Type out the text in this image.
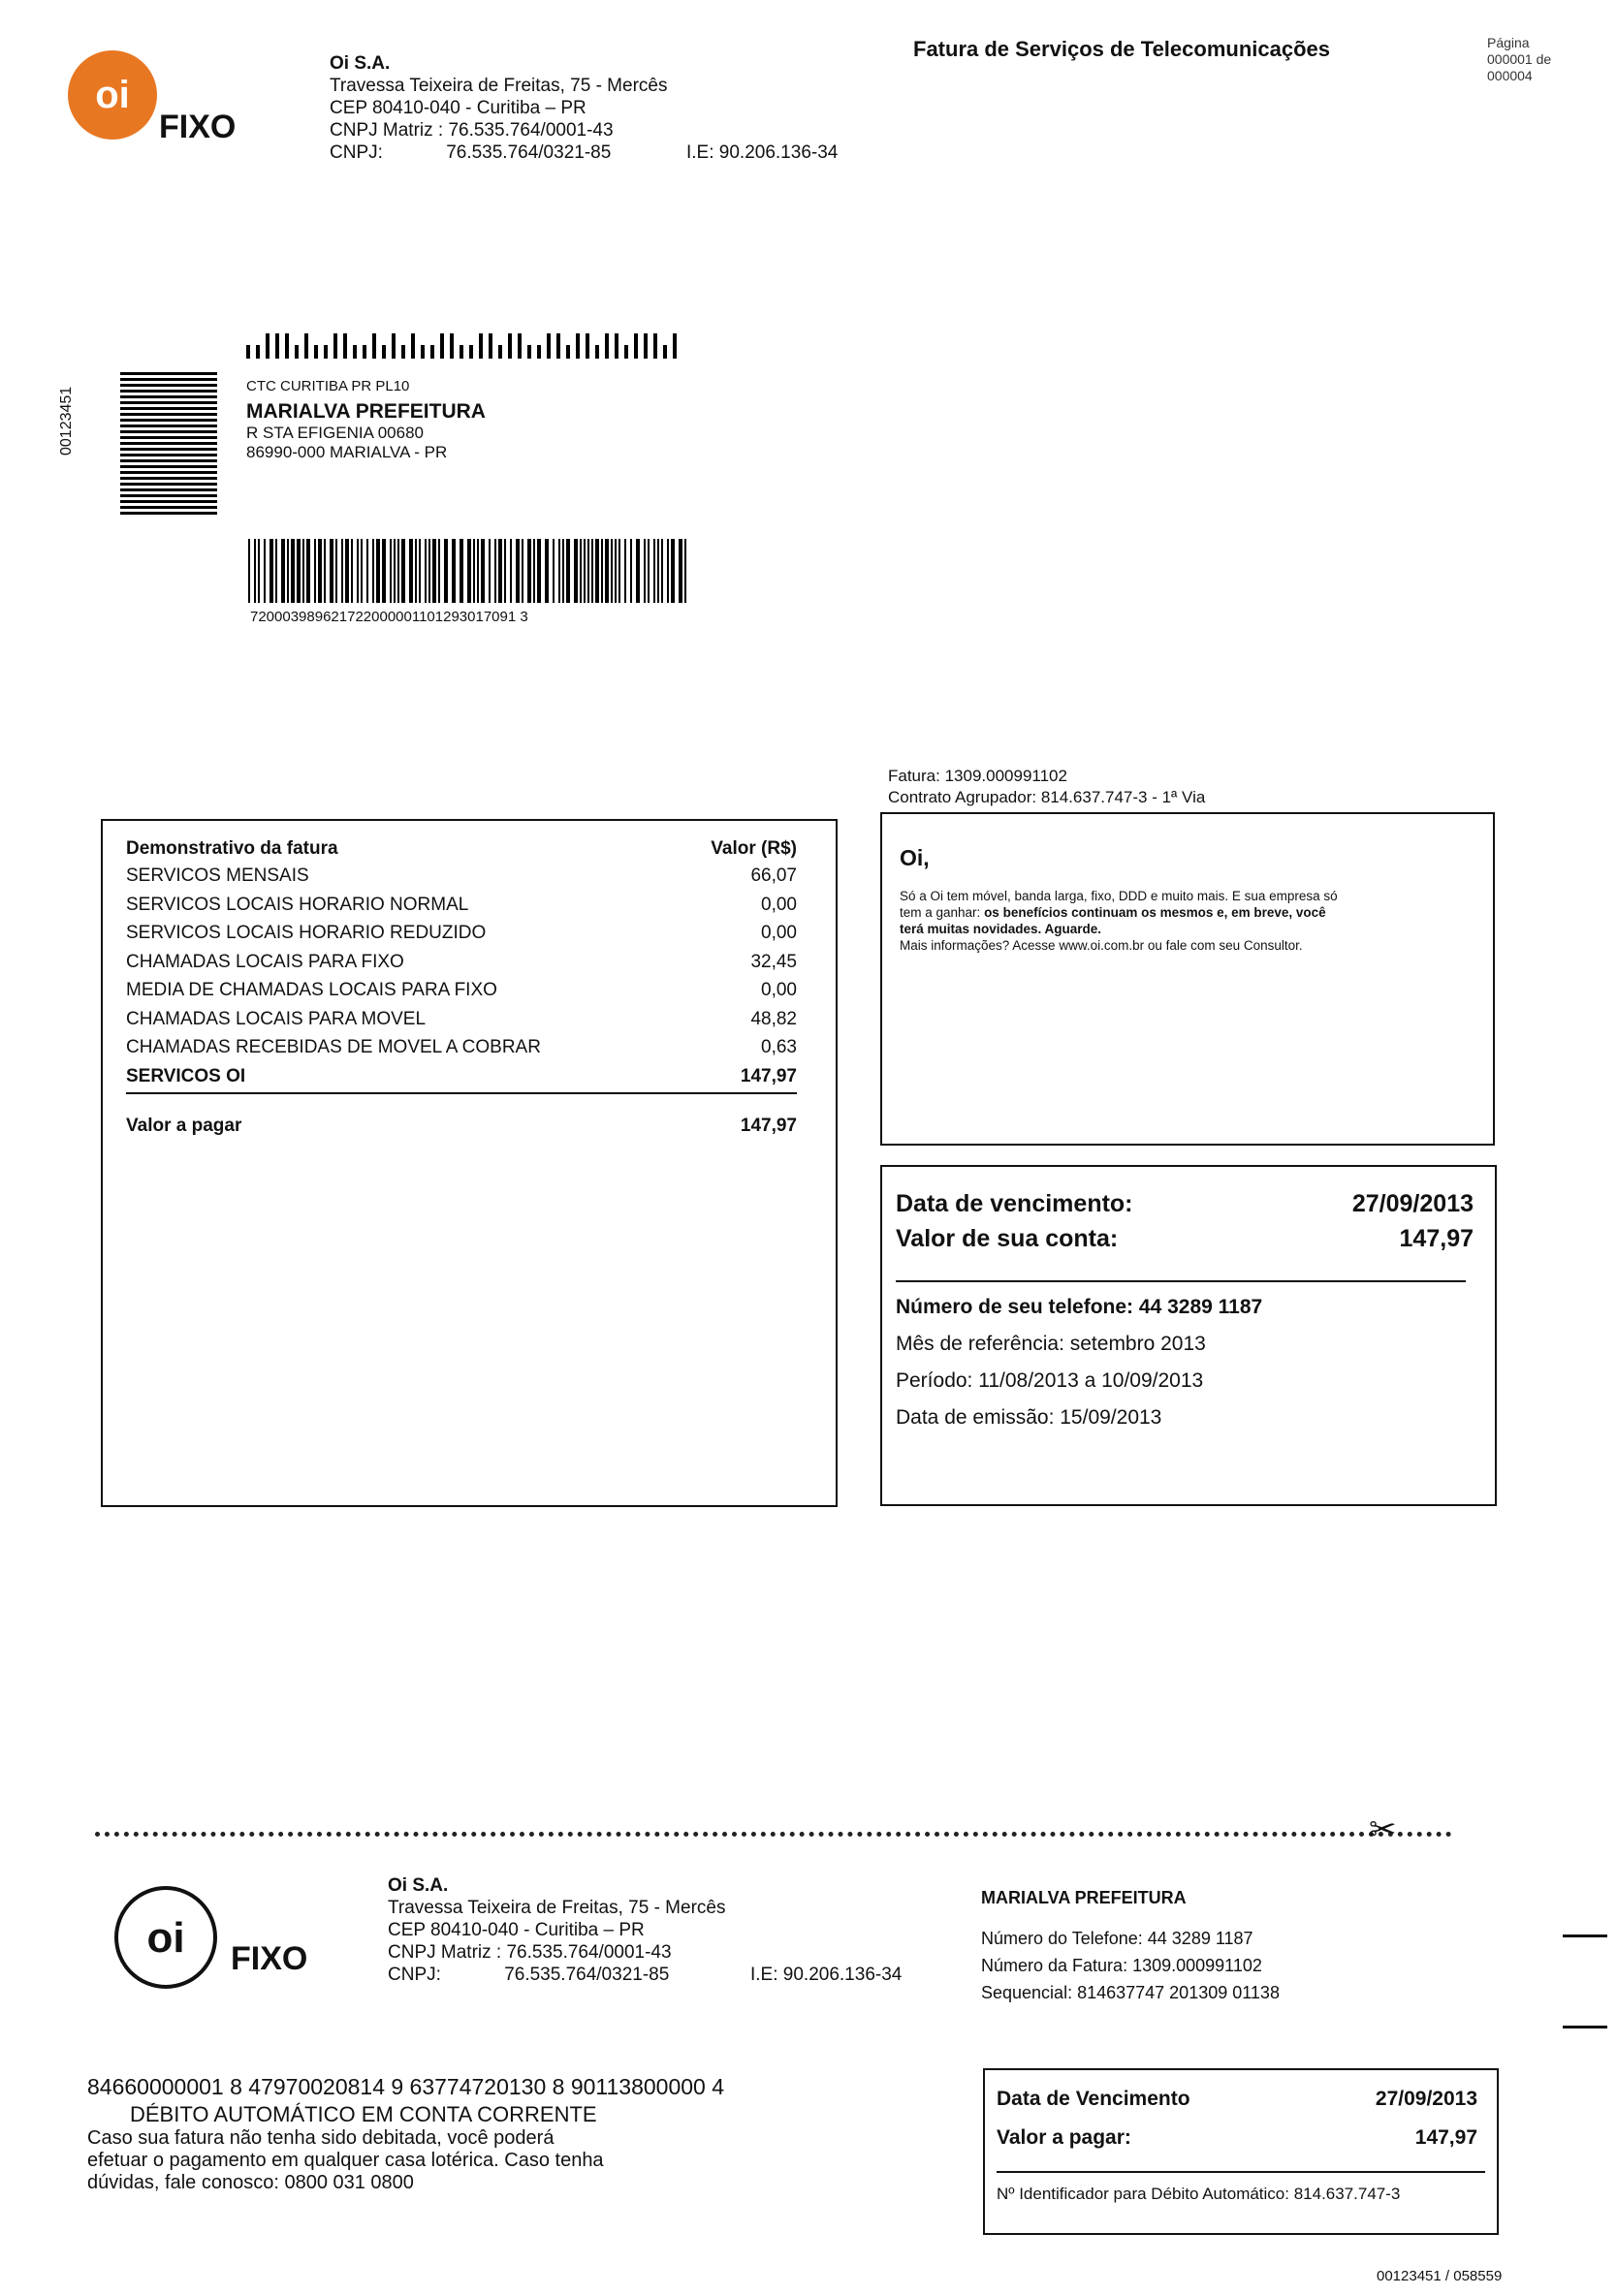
oi
FIXO
Oi S.A.
Travessa Teixeira de Freitas, 75 - Mercês
CEP 80410-040 - Curitiba – PR
CNPJ Matriz : 76.535.764/0001-43
CNPJ:	76.535.764/0321-85	I.E: 90.206.136-34
Fatura de Serviços de Telecomunicações	Página
000001 de
000004
00123451
CTC CURITIBA PR PL10
MARIALVA PREFEITURA
R STA EFIGENIA 00680
86990-000 MARIALVA - PR
720003989621722000001101293017091 3
Fatura: 1309.000991102
Contrato Agrupador: 814.637.747-3 - 1ª Via
Demonstrativo da fatura	Valor (R$)
SERVICOS MENSAIS	66,07
SERVICOS LOCAIS HORARIO NORMAL	0,00
SERVICOS LOCAIS HORARIO REDUZIDO	0,00
CHAMADAS LOCAIS PARA FIXO	32,45
MEDIA DE CHAMADAS LOCAIS PARA FIXO	0,00
CHAMADAS LOCAIS PARA MOVEL	48,82
CHAMADAS RECEBIDAS DE MOVEL A COBRAR	0,63
SERVICOS OI	147,97
Valor a pagar	147,97
Oi,
Só a Oi tem móvel, banda larga, fixo, DDD e muito mais. E sua empresa só
tem a ganhar: os benefícios continuam os mesmos e, em breve, você
terá muitas novidades. Aguarde.
Mais informações? Acesse www.oi.com.br ou fale com seu Consultor.
Data de vencimento:	27/09/2013
Valor de sua conta:	147,97
Número de seu telefone: 44 3289 1187
Mês de referência: setembro 2013
Período: 11/08/2013 a 10/09/2013
Data de emissão: 15/09/2013
✂
oi	FIXO
Oi S.A.
Travessa Teixeira de Freitas, 75 - Mercês
CEP 80410-040 - Curitiba – PR
CNPJ Matriz : 76.535.764/0001-43
CNPJ:	76.535.764/0321-85	I.E: 90.206.136-34
MARIALVA PREFEITURA
Número do Telefone: 44 3289 1187
Número da Fatura: 1309.000991102
Sequencial: 814637747 201309 01138
84660000001 8 47970020814 9 63774720130 8 90113800000 4
DÉBITO AUTOMÁTICO EM CONTA CORRENTE
Caso sua fatura não tenha sido debitada, você poderá
efetuar o pagamento em qualquer casa lotérica. Caso tenha
dúvidas, fale conosco: 0800 031 0800
Data de Vencimento	27/09/2013
Valor a pagar:	147,97
Nº Identificador para Débito Automático: 814.637.747-3
00123451 / 058559
